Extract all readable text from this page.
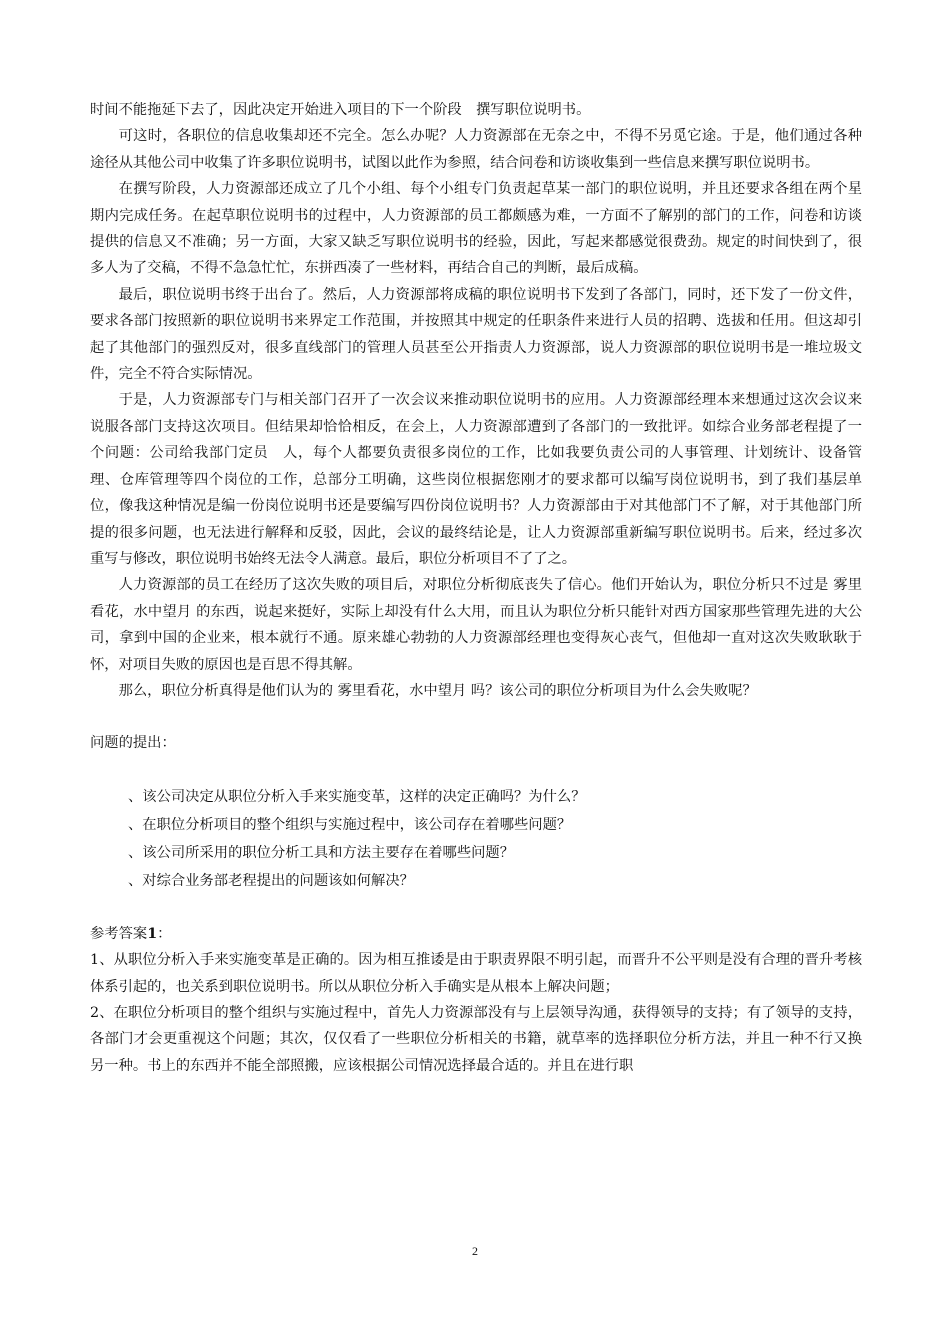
时间不能拖延下去了，因此决定开始进入项目的下一个阶段　撰写职位说明书。

可这时，各职位的信息收集却还不完全。怎么办呢？人力资源部在无奈之中，不得不另觅它途。于是，他们通过各种途径从其他公司中收集了许多职位说明书，试图以此作为参照，结合问卷和访谈收集到一些信息来撰写职位说明书。

在撰写阶段，人力资源部还成立了几个小组、每个小组专门负责起草某一部门的职位说明，并且还要求各组在两个星期内完成任务。在起草职位说明书的过程中，人力资源部的员工都颇感为难，一方面不了解别的部门的工作，问卷和访谈提供的信息又不准确；另一方面，大家又缺乏写职位说明书的经验，因此，写起来都感觉很费劲。规定的时间快到了，很多人为了交稿，不得不急急忙忙，东拼西凑了一些材料，再结合自己的判断，最后成稿。

最后，职位说明书终于出台了。然后，人力资源部将成稿的职位说明书下发到了各部门，同时，还下发了一份文件，要求各部门按照新的职位说明书来界定工作范围，并按照其中规定的任职条件来进行人员的招聘、选拔和任用。但这却引起了其他部门的强烈反对，很多直线部门的管理人员甚至公开指责人力资源部，说人力资源部的职位说明书是一堆垃圾文件，完全不符合实际情况。

于是，人力资源部专门与相关部门召开了一次会议来推动职位说明书的应用。人力资源部经理本来想通过这次会议来说服各部门支持这次项目。但结果却恰恰相反，在会上，人力资源部遭到了各部门的一致批评。如综合业务部老程提了一个问题：公司给我部门定员　人，每个人都要负责很多岗位的工作，比如我要负责公司的人事管理、计划统计、设备管理、仓库管理等四个岗位的工作，总部分工明确，这些岗位根据您刚才的要求都可以编写岗位说明书，到了我们基层单位，像我这种情况是编一份岗位说明书还是要编写四份岗位说明书？人力资源部由于对其他部门不了解，对于其他部门所提的很多问题，也无法进行解释和反驳，因此，会议的最终结论是，让人力资源部重新编写职位说明书。后来，经过多次重写与修改，职位说明书始终无法令人满意。最后，职位分析项目不了了之。

人力资源部的员工在经历了这次失败的项目后，对职位分析彻底丧失了信心。他们开始认为，职位分析只不过是 雾里看花，水中望月 的东西，说起来挺好，实际上却没有什么大用，而且认为职位分析只能针对西方国家那些管理先进的大公司，拿到中国的企业来，根本就行不通。原来雄心勃勃的人力资源部经理也变得灰心丧气，但他却一直对这次失败耿耿于怀，对项目失败的原因也是百思不得其解。

那么，职位分析真得是他们认为的 雾里看花，水中望月 吗？该公司的职位分析项目为什么会失败呢？

问题的提出：

、该公司决定从职位分析入手来实施变革，这样的决定正确吗？为什么？
、在职位分析项目的整个组织与实施过程中，该公司存在着哪些问题？
、该公司所采用的职位分析工具和方法主要存在着哪些问题？
、对综合业务部老程提出的问题该如何解决？

参考答案1：

1、从职位分析入手来实施变革是正确的。因为相互推诿是由于职责界限不明引起，而晋升不公平则是没有合理的晋升考核体系引起的，也关系到职位说明书。所以从职位分析入手确实是从根本上解决问题；

2、在职位分析项目的整个组织与实施过程中，首先人力资源部没有与上层领导沟通，获得领导的支持；有了领导的支持，各部门才会更重视这个问题；其次，仅仅看了一些职位分析相关的书籍，就草率的选择职位分析方法，并且一种不行又换另一种。书上的东西并不能全部照搬，应该根据公司情况选择最合适的。并且在进行职

2
